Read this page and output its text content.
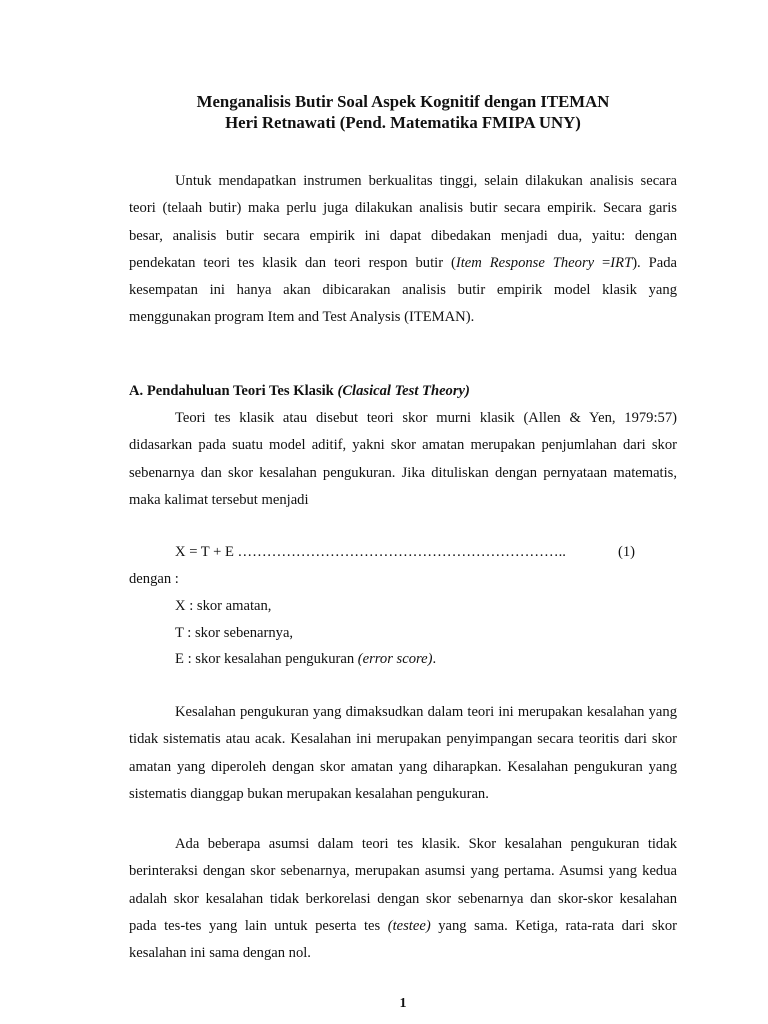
Menganalisis Butir Soal Aspek Kognitif dengan ITEMAN
Heri Retnawati (Pend. Matematika FMIPA UNY)

Untuk mendapatkan instrumen berkualitas tinggi, selain dilakukan analisis secara teori (telaah butir) maka perlu juga dilakukan analisis butir secara empirik. Secara garis besar, analisis butir secara empirik ini dapat dibedakan menjadi dua, yaitu: dengan pendekatan teori tes klasik dan teori respon butir (Item Response Theory =IRT). Pada kesempatan ini hanya akan dibicarakan analisis butir empirik model klasik yang menggunakan program Item and Test Analysis (ITEMAN).

A. Pendahuluan Teori Tes Klasik (Clasical Test Theory)

Teori tes klasik atau disebut teori skor murni klasik (Allen & Yen, 1979:57) didasarkan pada suatu model aditif, yakni skor amatan merupakan penjumlahan dari skor sebenarnya dan skor kesalahan pengukuran. Jika dituliskan dengan pernyataan matematis, maka kalimat tersebut menjadi

X = T + E …………………………………………………………..	(1)
dengan :
X : skor amatan,
T : skor sebenarnya,
E : skor kesalahan pengukuran (error score).

Kesalahan pengukuran yang dimaksudkan dalam teori ini merupakan kesalahan yang tidak sistematis atau acak. Kesalahan ini merupakan penyimpangan secara teoritis dari skor amatan yang diperoleh dengan skor amatan yang diharapkan. Kesalahan pengukuran yang sistematis dianggap bukan merupakan kesalahan pengukuran.

Ada beberapa asumsi dalam teori tes klasik. Skor kesalahan pengukuran tidak berinteraksi dengan skor sebenarnya, merupakan asumsi yang pertama. Asumsi yang kedua adalah skor kesalahan tidak berkorelasi dengan skor sebenarnya dan skor-skor kesalahan pada tes-tes yang lain untuk peserta tes (testee) yang sama. Ketiga, rata-rata dari skor kesalahan ini sama dengan nol.

1
